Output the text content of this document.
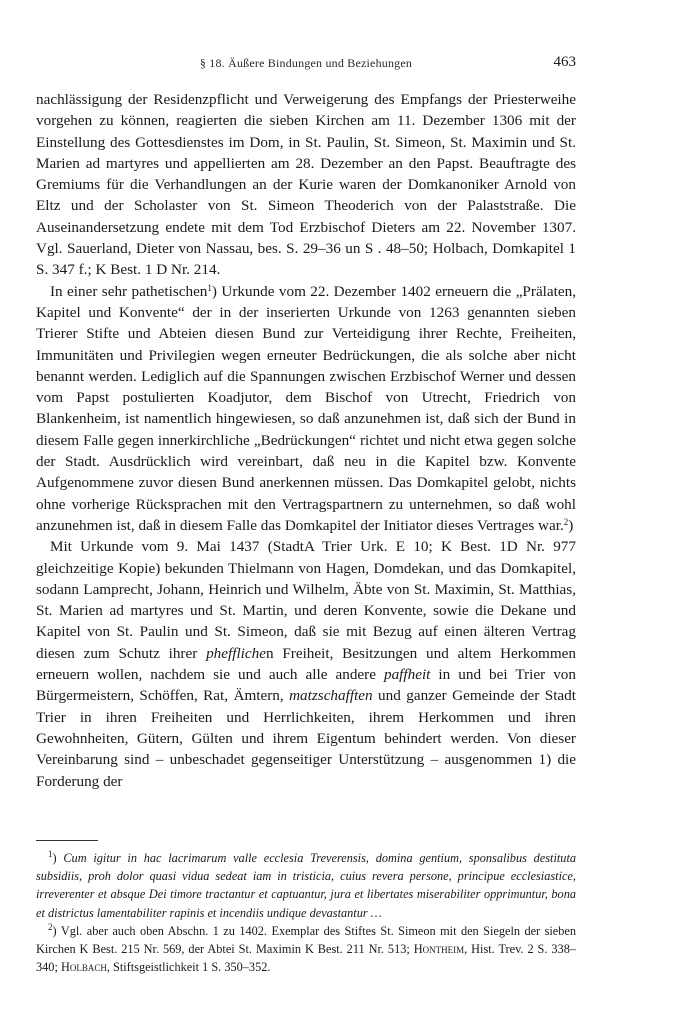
§ 18. Äußere Bindungen und Beziehungen	463

nachlässigung der Residenzpflicht und Verweigerung des Empfangs der Priesterweihe vorgehen zu können, reagierten die sieben Kirchen am 11. Dezember 1306 mit der Einstellung des Gottesdienstes im Dom, in St. Paulin, St. Simeon, St. Maximin und St. Marien ad martyres und appellierten am 28. Dezember an den Papst. Beauftragte des Gremiums für die Verhandlungen an der Kurie waren der Domkanoniker Arnold von Eltz und der Scholaster von St. Simeon Theoderich von der Palaststraße. Die Auseinandersetzung endete mit dem Tod Erzbischof Dieters am 22. November 1307. Vgl. Sauerland, Dieter von Nassau, bes. S. 29–36 un S . 48–50; Holbach, Domkapitel 1 S. 347 f.; K Best. 1 D Nr. 214.

In einer sehr pathetischen$^1$) Urkunde vom 22. Dezember 1402 erneuern die „Prälaten, Kapitel und Konvente“ der in der inserierten Urkunde von 1263 genannten sieben Trierer Stifte und Abteien diesen Bund zur Verteidigung ihrer Rechte, Freiheiten, Immunitäten und Privilegien wegen erneuter Bedrückungen, die als solche aber nicht benannt werden. Lediglich auf die Spannungen zwischen Erzbischof Werner und dessen vom Papst postulierten Koadjutor, dem Bischof von Utrecht, Friedrich von Blankenheim, ist namentlich hingewiesen, so daß anzunehmen ist, daß sich der Bund in diesem Falle gegen innerkirchliche „Bedrückungen“ richtet und nicht etwa gegen solche der Stadt. Ausdrücklich wird vereinbart, daß neu in die Kapitel bzw. Konvente Aufgenommene zuvor diesen Bund anerkennen müssen. Das Domkapitel gelobt, nichts ohne vorherige Rücksprachen mit den Vertragspartnern zu unternehmen, so daß wohl anzunehmen ist, daß in diesem Falle das Domkapitel der Initiator dieses Vertrages war.$^2$)

Mit Urkunde vom 9. Mai 1437 (StadtA Trier Urk. E 10; K Best. 1D Nr. 977 gleichzeitige Kopie) bekunden Thielmann von Hagen, Domdekan, und das Domkapitel, sodann Lamprecht, Johann, Heinrich und Wilhelm, Äbte von St. Maximin, St. Matthias, St. Marien ad martyres und St. Martin, und deren Konvente, sowie die Dekane und Kapitel von St. Paulin und St. Simeon, daß sie mit Bezug auf einen älteren Vertrag diesen zum Schutz ihrer phefflichen Freiheit, Besitzungen und altem Herkommen erneuern wollen, nachdem sie und auch alle andere paffheit in und bei Trier von Bürgermeistern, Schöffen, Rat, Ämtern, matzschafften und ganzer Gemeinde der Stadt Trier in ihren Freiheiten und Herrlichkeiten, ihrem Herkommen und ihren Gewohnheiten, Gütern, Gülten und ihrem Eigentum behindert werden. Von dieser Vereinbarung sind – unbeschadet gegenseitiger Unterstützung – ausgenommen 1) die Forderung der

$^1$) Cum igitur in hac lacrimarum valle ecclesia Treverensis, domina gentium, sponsalibus destituta subsidiis, proh dolor quasi vidua sedeat iam in tristicia, cuius revera persone, principue ecclesiastice, irreverenter et absque Dei timore tractantur et captuantur, jura et libertates miserabiliter opprimuntur, bona et districtus lamentabiliter rapinis et incendiis undique devastantur …

$^2$) Vgl. aber auch oben Abschn. 1 zu 1402. Exemplar des Stiftes St. Simeon mit den Siegeln der sieben Kirchen K Best. 215 Nr. 569, der Abtei St. Maximin K Best. 211 Nr. 513; Hontheim, Hist. Trev. 2 S. 338–340; Holbach, Stiftsgeistlichkeit 1 S. 350–352.
